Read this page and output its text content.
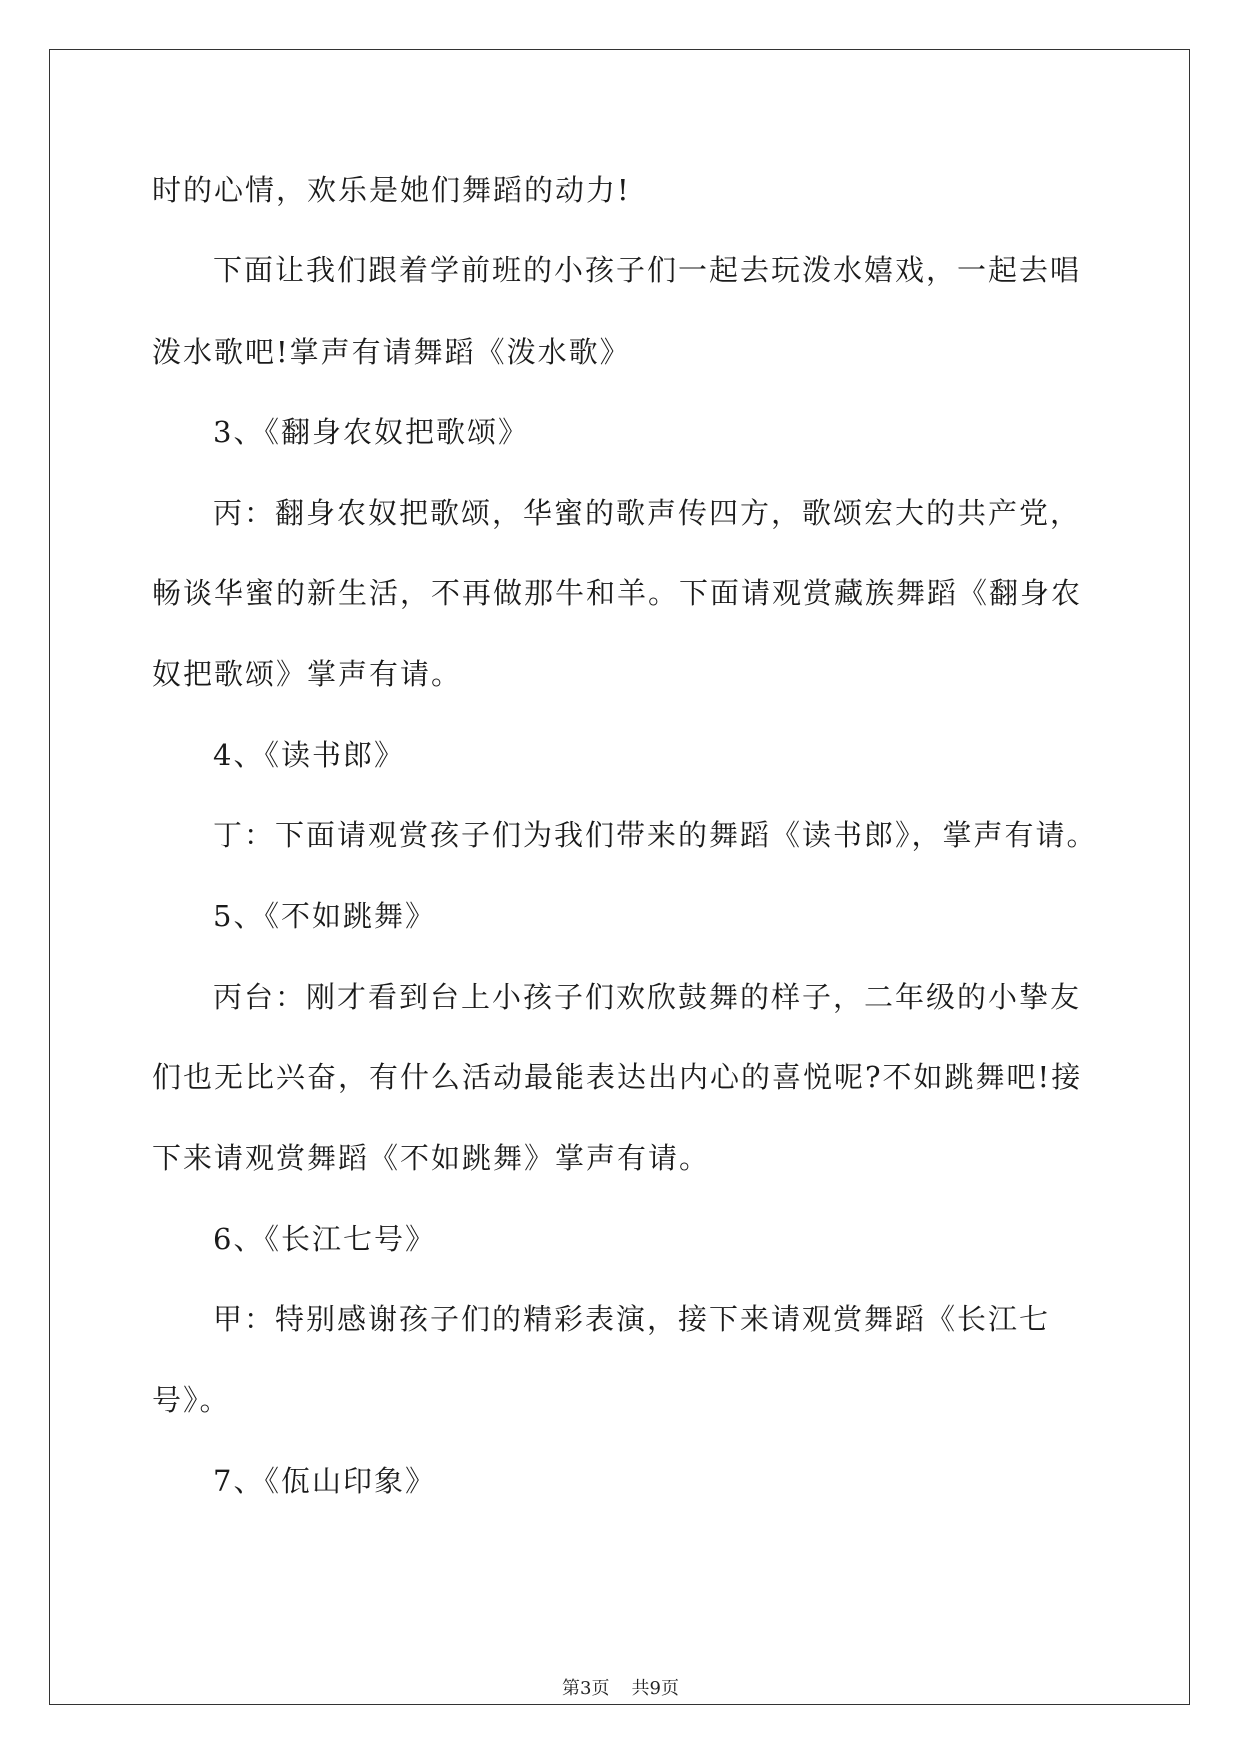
时的心情，欢乐是她们舞蹈的动力!
下面让我们跟着学前班的小孩子们一起去玩泼水嬉戏，一起去唱
泼水歌吧!掌声有请舞蹈《泼水歌》
3、《翻身农奴把歌颂》
丙：翻身农奴把歌颂，华蜜的歌声传四方，歌颂宏大的共产党，
畅谈华蜜的新生活，不再做那牛和羊。下面请观赏藏族舞蹈《翻身农
奴把歌颂》掌声有请。
4、《读书郎》
丁：下面请观赏孩子们为我们带来的舞蹈《读书郎》，掌声有请。
5、《不如跳舞》
丙台：刚才看到台上小孩子们欢欣鼓舞的样子，二年级的小挚友
们也无比兴奋，有什么活动最能表达出内心的喜悦呢?不如跳舞吧!接
下来请观赏舞蹈《不如跳舞》掌声有请。
6、《长江七号》
甲：特别感谢孩子们的精彩表演，接下来请观赏舞蹈《长江七
号》。
7、《佤山印象》
第3页 共9页
